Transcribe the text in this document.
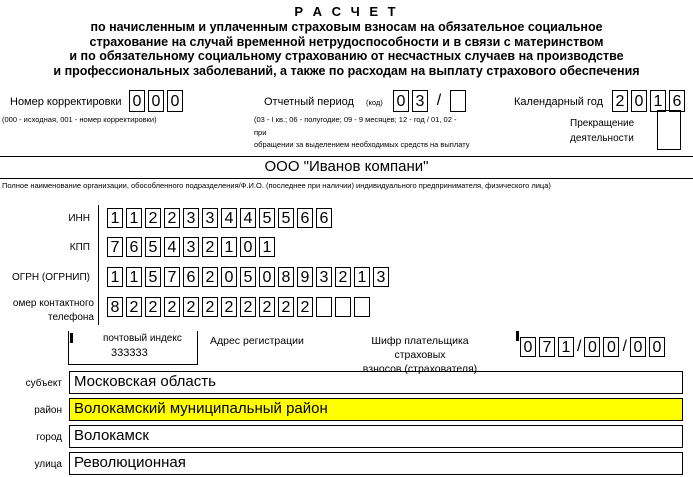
Р А С Ч Е Т
по начисленным и уплаченным страховым взносам на обязательное социальное
страхование на случай временной нетрудоспособности и в связи с материнством
и по обязательному социальному страхованию от несчастных случаев на производстве
и профессиональных заболеваний, а также по расходам на выплату страхового обеспечения
Номер корректировки 0 0 0
(000 - исходная, 001 - номер корректировки)
Отчетный период (код) 0 3 /
(03 - I кв.; 06 - полугодие; 09 - 9 месяцев; 12 - год / 01, 02 -
при
обращении за выделением необходимых средств на выплату
Календарный год 2 0 1 6
Прекращение
деятельности
ООО "Иванов компани"
Полное наименование организации, обособленного подразделения/Ф.И.О. (последнее при наличии) индивидуального предпринимателя, физического лица)
ИНН 1 1 2 2 3 3 4 4 5 5 6 6
КПП 7 6 5 4 3 2 1 0 1
ОГРН (ОГРНИП) 1 1 5 7 6 2 0 5 0 8 9 3 2 1 3
омер контактного
телефона
8 2 2 2 2 2 2 2 2 2 2
почтовый индекс
333333
Адрес регистрации	Шифр плательщика страховых
взносов (страхователя)
0 7 1 / 0 0 / 0 0
субъект Московская область
район Волокамский муниципальный район
город Волокамск
улица Революционная
